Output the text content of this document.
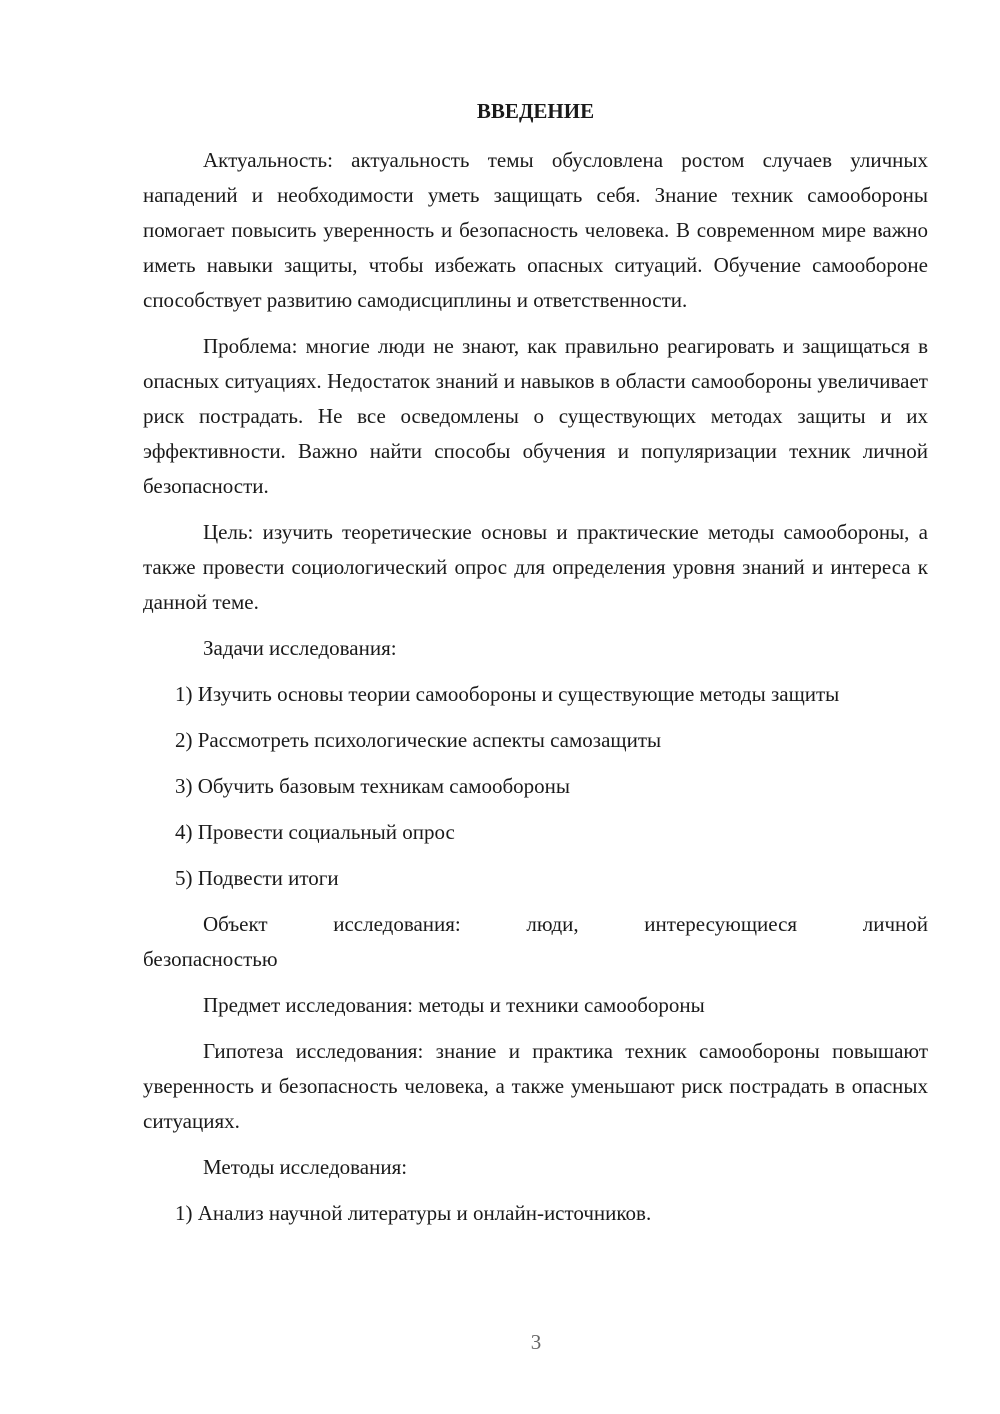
ВВЕДЕНИЕ

Актуальность: актуальность темы обусловлена ростом случаев уличных нападений и необходимости уметь защищать себя. Знание техник самообороны помогает повысить уверенность и безопасность человека. В современном мире важно иметь навыки защиты, чтобы избежать опасных ситуаций. Обучение самообороне способствует развитию самодисциплины и ответственности.

Проблема: многие люди не знают, как правильно реагировать и защищаться в опасных ситуациях. Недостаток знаний и навыков в области самообороны увеличивает риск пострадать. Не все осведомлены о существующих методах защиты и их эффективности. Важно найти способы обучения и популяризации техник личной безопасности.

Цель: изучить теоретические основы и практические методы самообороны, а также провести социологический опрос для определения уровня знаний и интереса к данной теме.

Задачи исследования:

1) Изучить основы теории самообороны и существующие методы защиты

2) Рассмотреть психологические аспекты самозащиты

3) Обучить базовым техникам самообороны

4) Провести социальный опрос

5) Подвести итоги

Объект исследования: люди, интересующиеся личной

безопасностью

Предмет исследования: методы и техники самообороны

Гипотеза исследования: знание и практика техник самообороны повышают уверенность и безопасность человека, а также уменьшают риск пострадать в опасных ситуациях.

Методы исследования:

1) Анализ научной литературы и онлайн-источников.

3
